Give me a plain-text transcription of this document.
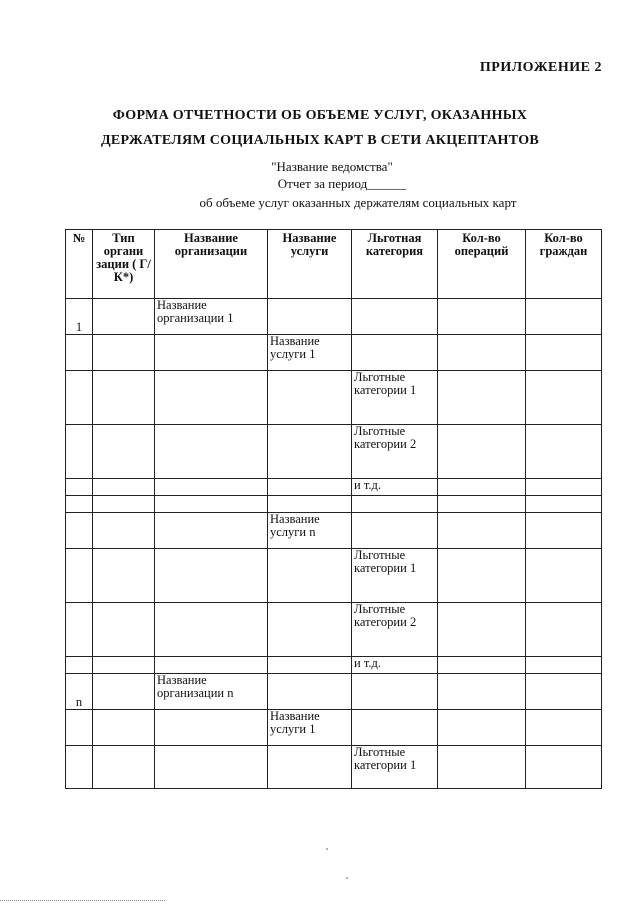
ПРИЛОЖЕНИЕ 2
ФОРМА ОТЧЕТНОСТИ ОБ ОБЪЕМЕ УСЛУГ, ОКАЗАННЫХ
ДЕРЖАТЕЛЯМ СОЦИАЛЬНЫХ КАРТ В СЕТИ АКЦЕПТАНТОВ
"Название ведомства"
Отчет за период______
об объеме услуг оказанных держателям социальных карт
№	Тип органи зации ( Г/К*)	Название организации	Название услуги	Льготная категория	Кол-во операций	Кол-во граждан
1		Название организации 1				
			Название услуги 1			
				Льготные категории 1		
				Льготные категории 2		
				и т.д.		

			Название услуги n			
				Льготные категории 1		
				Льготные категории 2		
				и т.д.		
n		Название организации n				
			Название услуги 1			
				Льготные категории 1		
